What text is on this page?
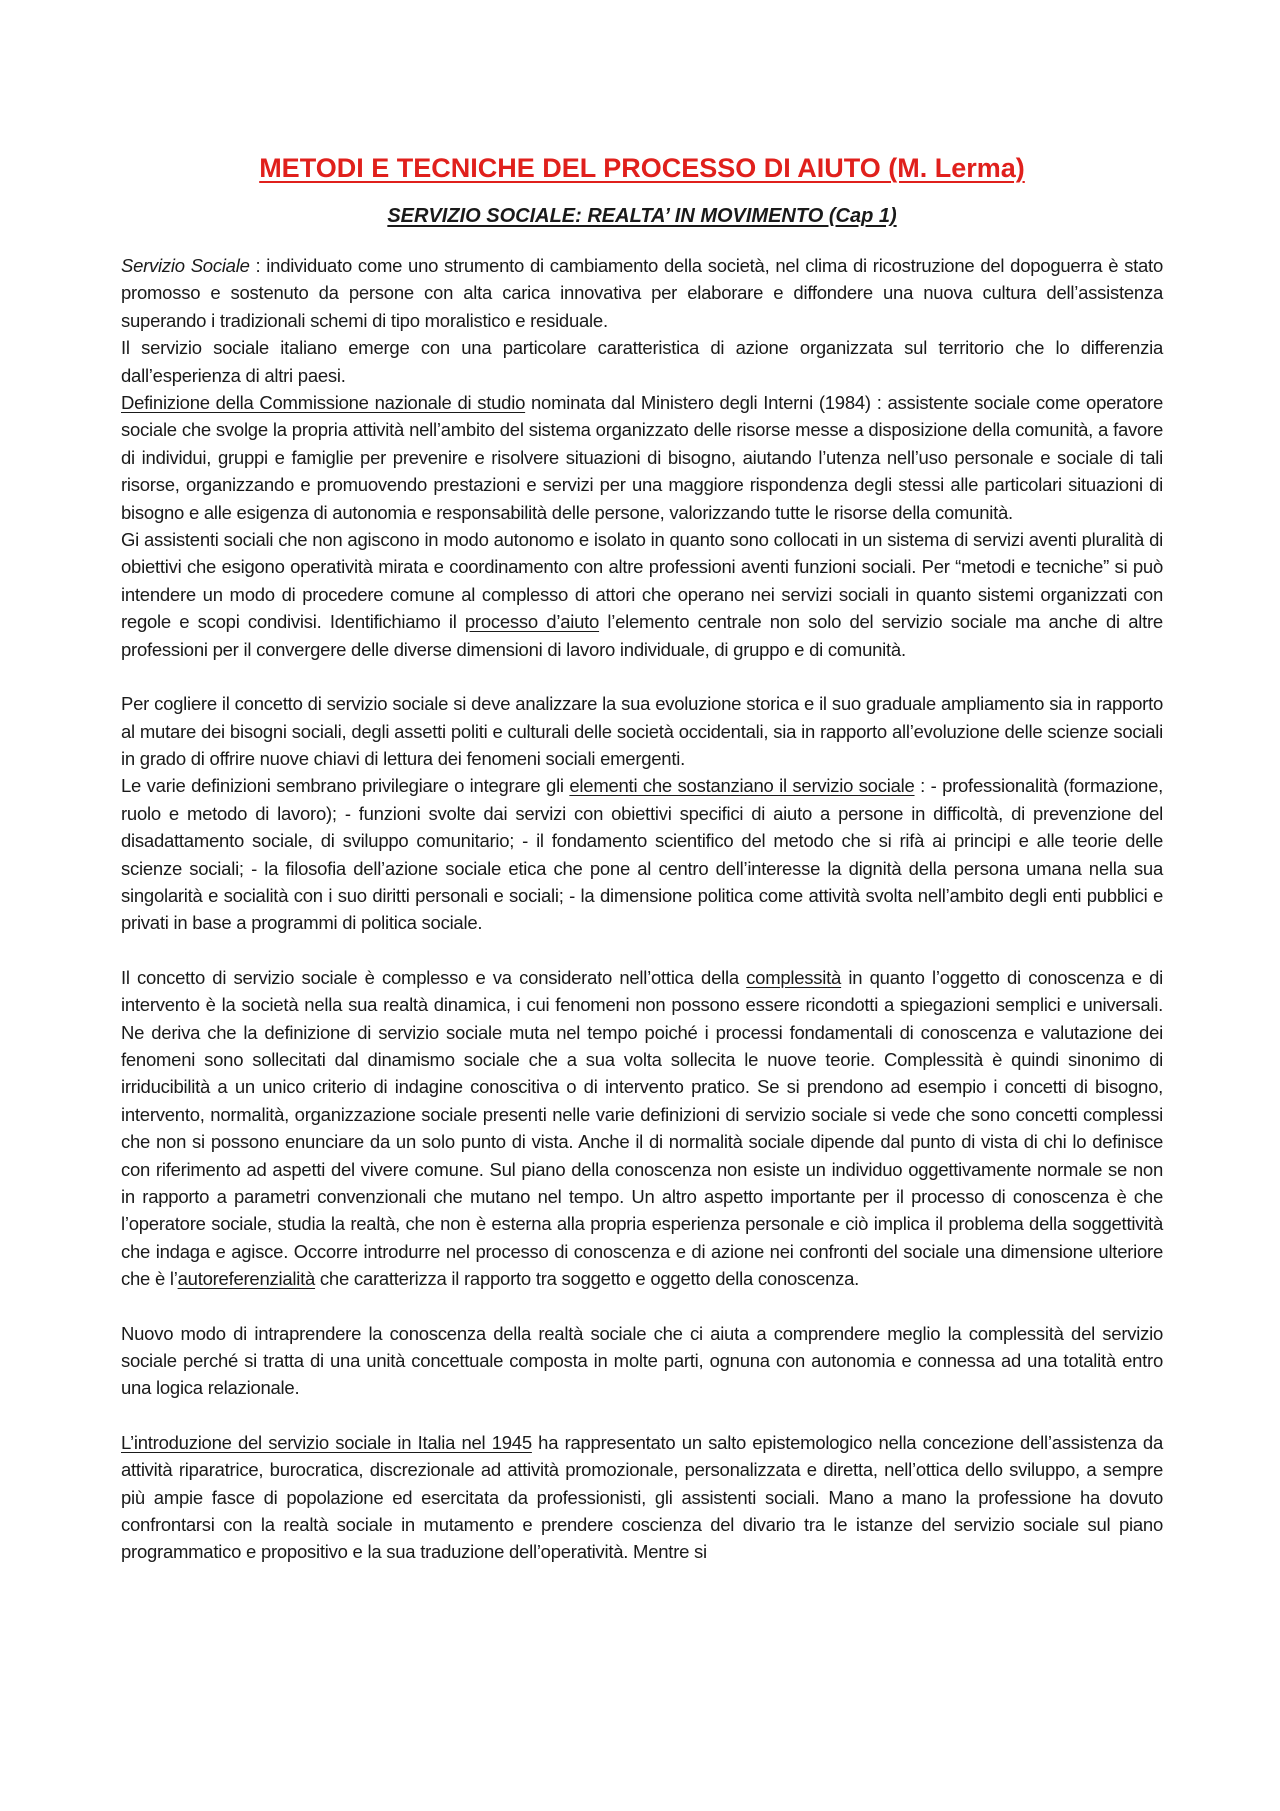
METODI E TECNICHE DEL PROCESSO DI AIUTO (M. Lerma)
SERVIZIO SOCIALE: REALTA’ IN MOVIMENTO (Cap 1)

Servizio Sociale : individuato come uno strumento di cambiamento della società, nel clima di ricostruzione del dopoguerra è stato promosso e sostenuto da persone con alta carica innovativa per elaborare e diffondere una nuova cultura dell’assistenza superando i tradizionali schemi di tipo moralistico e residuale.

Il servizio sociale italiano emerge con una particolare caratteristica di azione organizzata sul territorio che lo differenzia dall’esperienza di altri paesi.

Definizione della Commissione nazionale di studio nominata dal Ministero degli Interni (1984) : assistente sociale come operatore sociale che svolge la propria attività nell’ambito del sistema organizzato delle risorse messe a disposizione della comunità, a favore di individui, gruppi e famiglie per prevenire e risolvere situazioni di bisogno, aiutando l’utenza nell’uso personale e sociale di tali risorse, organizzando e promuovendo prestazioni e servizi per una maggiore rispondenza degli stessi alle particolari situazioni di bisogno e alle esigenza di autonomia e responsabilità delle persone, valorizzando tutte le risorse della comunità.

Gi assistenti sociali che non agiscono in modo autonomo e isolato in quanto sono collocati in un sistema di servizi aventi pluralità di obiettivi che esigono operatività mirata e coordinamento con altre professioni aventi funzioni sociali. Per “metodi e tecniche” si può intendere un modo di procedere comune al complesso di attori che operano nei servizi sociali in quanto sistemi organizzati con regole e scopi condivisi. Identifichiamo il processo d’aiuto l’elemento centrale non solo del servizio sociale ma anche di altre professioni per il convergere delle diverse dimensioni di lavoro individuale, di gruppo e di comunità.

Per cogliere il concetto di servizio sociale si deve analizzare la sua evoluzione storica e il suo graduale ampliamento sia in rapporto al mutare dei bisogni sociali, degli assetti politi e culturali delle società occidentali, sia in rapporto all’evoluzione delle scienze sociali in grado di offrire nuove chiavi di lettura dei fenomeni sociali emergenti.

Le varie definizioni sembrano privilegiare o integrare gli elementi che sostanziano il servizio sociale : - professionalità (formazione, ruolo e metodo di lavoro); - funzioni svolte dai servizi con obiettivi specifici di aiuto a persone in difficoltà, di prevenzione del disadattamento sociale, di sviluppo comunitario; - il fondamento scientifico del metodo che si rifà ai principi e alle teorie delle scienze sociali; - la filosofia dell’azione sociale etica che pone al centro dell’interesse la dignità della persona umana nella sua singolarità e socialità con i suo diritti personali e sociali; - la dimensione politica come attività svolta nell’ambito degli enti pubblici e privati in base a programmi di politica sociale.

Il concetto di servizio sociale è complesso e va considerato nell’ottica della complessità in quanto l’oggetto di conoscenza e di intervento è la società nella sua realtà dinamica, i cui fenomeni non possono essere ricondotti a spiegazioni semplici e universali. Ne deriva che la definizione di servizio sociale muta nel tempo poiché i processi fondamentali di conoscenza e valutazione dei fenomeni sono sollecitati dal dinamismo sociale che a sua volta sollecita le nuove teorie. Complessità è quindi sinonimo di irriducibilità a un unico criterio di indagine conoscitiva o di intervento pratico. Se si prendono ad esempio i concetti di bisogno, intervento, normalità, organizzazione sociale presenti nelle varie definizioni di servizio sociale si vede che sono concetti complessi che non si possono enunciare da un solo punto di vista. Anche il di normalità sociale dipende dal punto di vista di chi lo definisce con riferimento ad aspetti del vivere comune. Sul piano della conoscenza non esiste un individuo oggettivamente normale se non in rapporto a parametri convenzionali che mutano nel tempo. Un altro aspetto importante per il processo di conoscenza è che l’operatore sociale, studia la realtà, che non è esterna alla propria esperienza personale e ciò implica il problema della soggettività che indaga e agisce. Occorre introdurre nel processo di conoscenza e di azione nei confronti del sociale una dimensione ulteriore che è l’autoreferenzialità che caratterizza il rapporto tra soggetto e oggetto della conoscenza.

Nuovo modo di intraprendere la conoscenza della realtà sociale che ci aiuta a comprendere meglio la complessità del servizio sociale perché si tratta di una unità concettuale composta in molte parti, ognuna con autonomia e connessa ad una totalità entro una logica relazionale.

L’introduzione del servizio sociale in Italia nel 1945 ha rappresentato un salto epistemologico nella concezione dell’assistenza da attività riparatrice, burocratica, discrezionale ad attività promozionale, personalizzata e diretta, nell’ottica dello sviluppo, a sempre più ampie fasce di popolazione ed esercitata da professionisti, gli assistenti sociali. Mano a mano la professione ha dovuto confrontarsi con la realtà sociale in mutamento e prendere coscienza del divario tra le istanze del servizio sociale sul piano programmatico e propositivo e la sua traduzione dell’operatività. Mentre si
